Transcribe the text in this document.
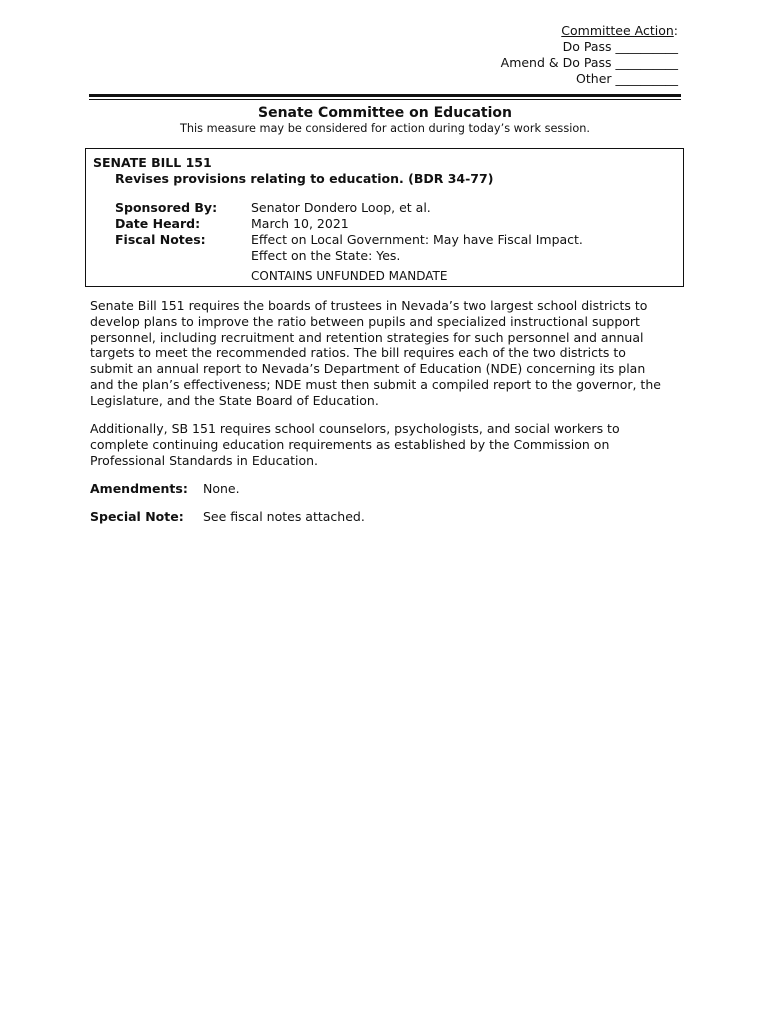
Committee Action:
Do Pass __________
Amend & Do Pass __________
Other __________
Senate Committee on Education
This measure may be considered for action during today’s work session.
SENATE BILL 151
Revises provisions relating to education. (BDR 34-77)
Sponsored By:	Senator Dondero Loop, et al.
Date Heard:	March 10, 2021
Fiscal Notes:	Effect on Local Government: May have Fiscal Impact.
Effect on the State: Yes.
CONTAINS UNFUNDED MANDATE

Senate Bill 151 requires the boards of trustees in Nevada’s two largest school districts to
develop plans to improve the ratio between pupils and specialized instructional support
personnel, including recruitment and retention strategies for such personnel and annual
targets to meet the recommended ratios. The bill requires each of the two districts to
submit an annual report to Nevada’s Department of Education (NDE) concerning its plan
and the plan’s effectiveness; NDE must then submit a compiled report to the governor, the
Legislature, and the State Board of Education.

Additionally, SB 151 requires school counselors, psychologists, and social workers to
complete continuing education requirements as established by the Commission on
Professional Standards in Education.

Amendments: None.
Special Note: See fiscal notes attached.
